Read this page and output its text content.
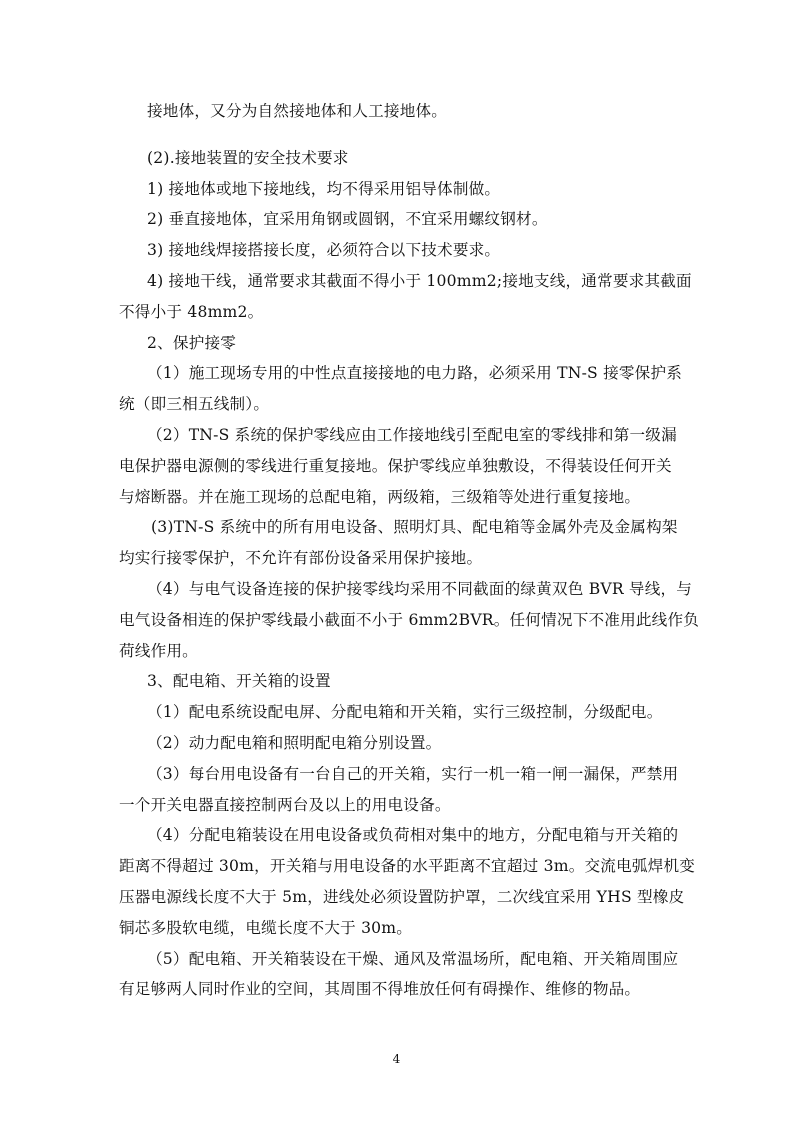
接地体，又分为自然接地体和人工接地体。
(2).接地装置的安全技术要求
1) 接地体或地下接地线，均不得采用铝导体制做。
2) 垂直接地体，宜采用角钢或圆钢，不宜采用螺纹钢材。
3) 接地线焊接搭接长度，必须符合以下技术要求。
4) 接地干线，通常要求其截面不得小于 100mm2;接地支线，通常要求其截面
不得小于 48mm2。
2、保护接零
（1）施工现场专用的中性点直接接地的电力路，必须采用 TN-S 接零保护系
统（即三相五线制）。
（2）TN-S 系统的保护零线应由工作接地线引至配电室的零线排和第一级漏
电保护器电源侧的零线进行重复接地。保护零线应单独敷设，不得装设任何开关
与熔断器。并在施工现场的总配电箱，两级箱，三级箱等处进行重复接地。
(3)TN-S 系统中的所有用电设备、照明灯具、配电箱等金属外壳及金属构架
均实行接零保护，不允许有部份设备采用保护接地。
（4）与电气设备连接的保护接零线均采用不同截面的绿黄双色 BVR 导线，与
电气设备相连的保护零线最小截面不小于 6mm2BVR。任何情况下不准用此线作负
荷线作用。
3、配电箱、开关箱的设置
（1）配电系统设配电屏、分配电箱和开关箱，实行三级控制，分级配电。
（2）动力配电箱和照明配电箱分别设置。
（3）每台用电设备有一台自己的开关箱，实行一机一箱一闸一漏保，严禁用
一个开关电器直接控制两台及以上的用电设备。
（4）分配电箱装设在用电设备或负荷相对集中的地方，分配电箱与开关箱的
距离不得超过 30m，开关箱与用电设备的水平距离不宜超过 3m。交流电弧焊机变
压器电源线长度不大于 5m，进线处必须设置防护罩，二次线宜采用 YHS 型橡皮
铜芯多股软电缆，电缆长度不大于 30m。
（5）配电箱、开关箱装设在干燥、通风及常温场所，配电箱、开关箱周围应
有足够两人同时作业的空间，其周围不得堆放任何有碍操作、维修的物品。
4
